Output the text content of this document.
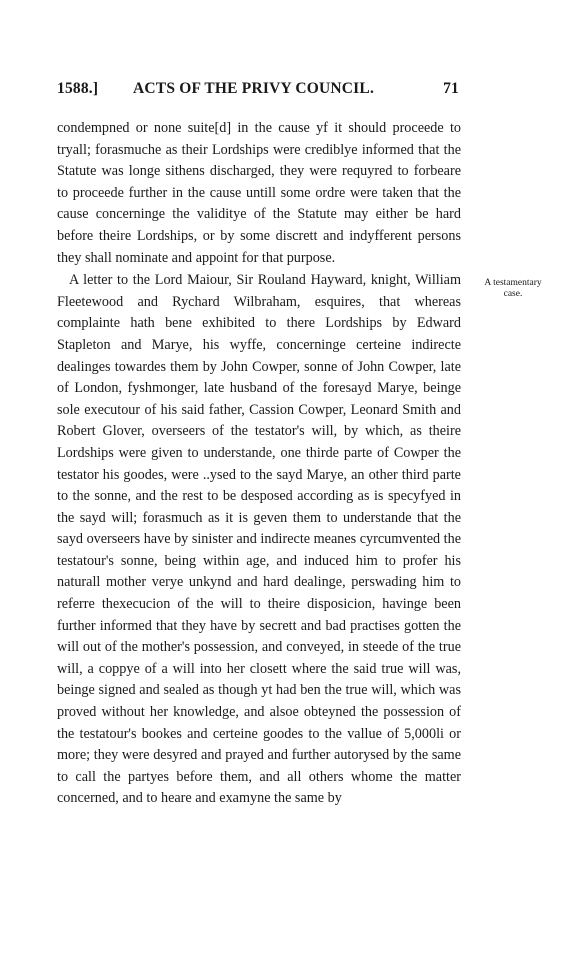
1588.] ACTS OF THE PRIVY COUNCIL.	71

condempned or none suite[d] in the cause yf it should proceede to tryall; forasmuche as their Lordships were crediblye informed that the Statute was longe sithens discharged, they were requyred to forbeare to proceede further in the cause untill some ordre were taken that the cause concerninge the validitye of the Statute may either be hard before theire Lordships, or by some discrett and indyfferent persons they shall nominate and appoint for that purpose.

A letter to the Lord Maiour, Sir Rouland Hayward, knight, William Fleetewood and Rychard Wilbraham, esquires, that whereas complainte hath bene exhibited to there Lordships by Edward Stapleton and Marye, his wyffe, concerninge certeine indirecte dealinges towardes them by John Cowper, sonne of John Cowper, late of London, fyshmonger, late husband of the foresayd Marye, beinge sole executour of his said father, Cassion Cowper, Leonard Smith and Robert Glover, overseers of the testator's will, by which, as theire Lordships were given to understande, one thirde parte of Cowper the testator his goodes, were ..ysed to the sayd Marye, an other third parte to the sonne, and the rest to be desposed according as is specyfyed in the sayd will; forasmuch as it is geven them to understande that the sayd overseers have by sinister and indirecte meanes cyrcumvented the testatour's sonne, being within age, and induced him to profer his naturall mother verye unkynd and hard dealinge, perswading him to referre thexecucion of the will to theire disposicion, havinge been further informed that they have by secrett and bad practises gotten the will out of the mother's possession, and conveyed, in steede of the true will, a coppye of a will into her closett where the said true will was, beinge signed and sealed as though yt had ben the true will, which was proved without her knowledge, and alsoe obteyned the possession of the testatour's bookes and certeine goodes to the vallue of 5,000li or more; they were desyred and prayed and further autorysed by the same to call the partyes before them, and all others whome the matter concerned, and to heare and examyne the same by

A testamentary
case.
